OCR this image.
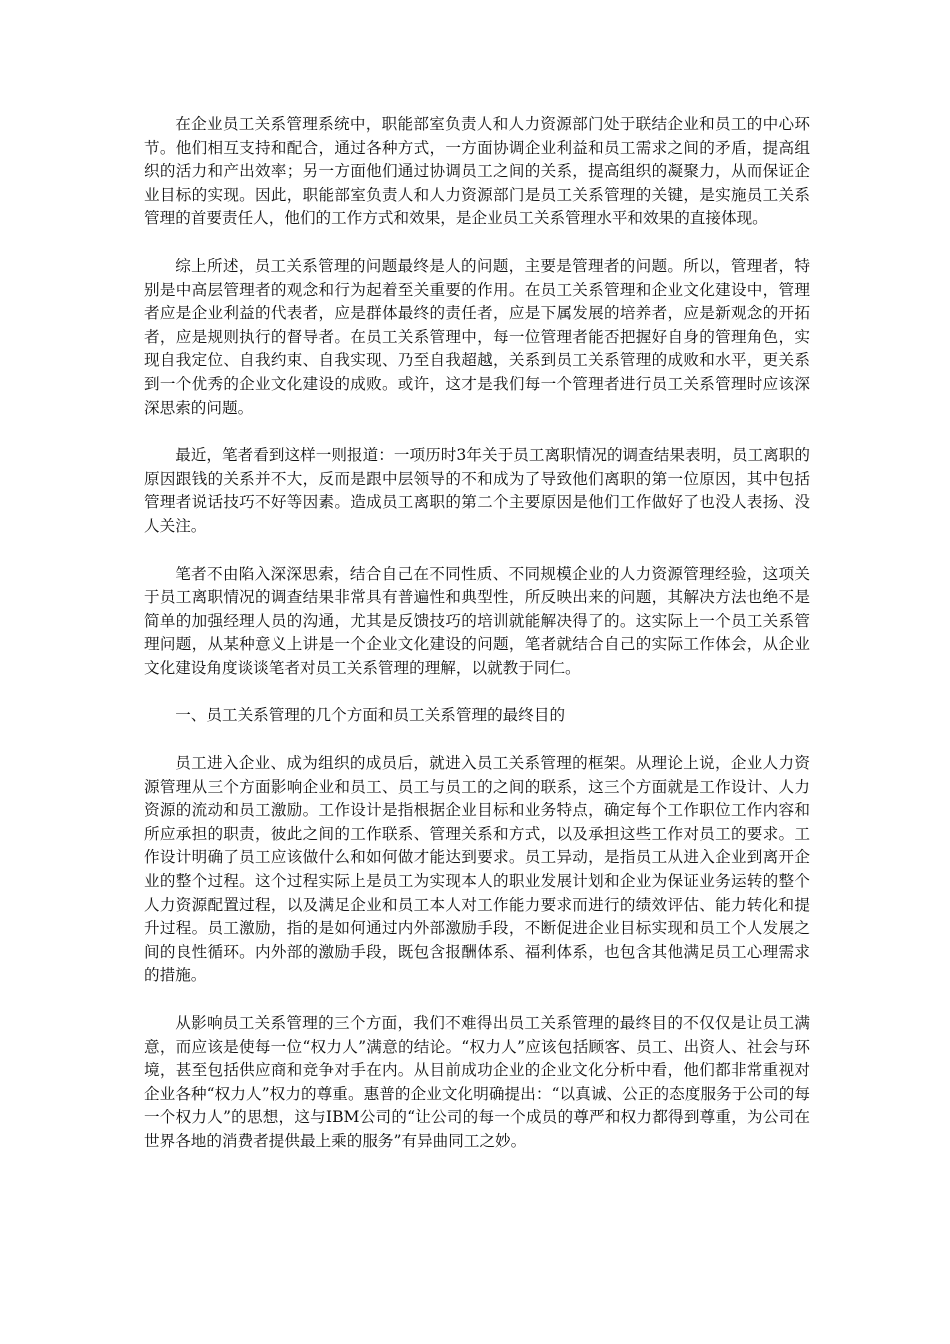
在企业员工关系管理系统中，职能部室负责人和人力资源部门处于联结企业和员工的中心环节。他们相互支持和配合，通过各种方式，一方面协调企业利益和员工需求之间的矛盾，提高组织的活力和产出效率；另一方面他们通过协调员工之间的关系，提高组织的凝聚力，从而保证企业目标的实现。因此，职能部室负责人和人力资源部门是员工关系管理的关键，是实施员工关系管理的首要责任人，他们的工作方式和效果，是企业员工关系管理水平和效果的直接体现。

综上所述，员工关系管理的问题最终是人的问题，主要是管理者的问题。所以，管理者，特别是中高层管理者的观念和行为起着至关重要的作用。在员工关系管理和企业文化建设中，管理者应是企业利益的代表者，应是群体最终的责任者，应是下属发展的培养者，应是新观念的开拓者，应是规则执行的督导者。在员工关系管理中，每一位管理者能否把握好自身的管理角色，实现自我定位、自我约束、自我实现、乃至自我超越，关系到员工关系管理的成败和水平，更关系到一个优秀的企业文化建设的成败。或许，这才是我们每一个管理者进行员工关系管理时应该深深思索的问题。

最近，笔者看到这样一则报道：一项历时3年关于员工离职情况的调查结果表明，员工离职的原因跟钱的关系并不大，反而是跟中层领导的不和成为了导致他们离职的第一位原因，其中包括管理者说话技巧不好等因素。造成员工离职的第二个主要原因是他们工作做好了也没人表扬、没人关注。

笔者不由陷入深深思索，结合自己在不同性质、不同规模企业的人力资源管理经验，这项关于员工离职情况的调查结果非常具有普遍性和典型性，所反映出来的问题，其解决方法也绝不是简单的加强经理人员的沟通，尤其是反馈技巧的培训就能解决得了的。这实际上一个员工关系管理问题，从某种意义上讲是一个企业文化建设的问题，笔者就结合自己的实际工作体会，从企业文化建设角度谈谈笔者对员工关系管理的理解，以就教于同仁。

一、员工关系管理的几个方面和员工关系管理的最终目的

员工进入企业、成为组织的成员后，就进入员工关系管理的框架。从理论上说，企业人力资源管理从三个方面影响企业和员工、员工与员工的之间的联系，这三个方面就是工作设计、人力资源的流动和员工激励。工作设计是指根据企业目标和业务特点，确定每个工作职位工作内容和所应承担的职责，彼此之间的工作联系、管理关系和方式，以及承担这些工作对员工的要求。工作设计明确了员工应该做什么和如何做才能达到要求。员工异动，是指员工从进入企业到离开企业的整个过程。这个过程实际上是员工为实现本人的职业发展计划和企业为保证业务运转的整个人力资源配置过程，以及满足企业和员工本人对工作能力要求而进行的绩效评估、能力转化和提升过程。员工激励，指的是如何通过内外部激励手段，不断促进企业目标实现和员工个人发展之间的良性循环。内外部的激励手段，既包含报酬体系、福利体系，也包含其他满足员工心理需求的措施。

从影响员工关系管理的三个方面，我们不难得出员工关系管理的最终目的不仅仅是让员工满意，而应该是使每一位“权力人”满意的结论。“权力人”应该包括顾客、员工、出资人、社会与环境，甚至包括供应商和竞争对手在内。从目前成功企业的企业文化分析中看，他们都非常重视对企业各种“权力人”权力的尊重。惠普的企业文化明确提出：“以真诚、公正的态度服务于公司的每一个权力人”的思想，这与IBM公司的“让公司的每一个成员的尊严和权力都得到尊重，为公司在世界各地的消费者提供最上乘的服务”有异曲同工之妙。
